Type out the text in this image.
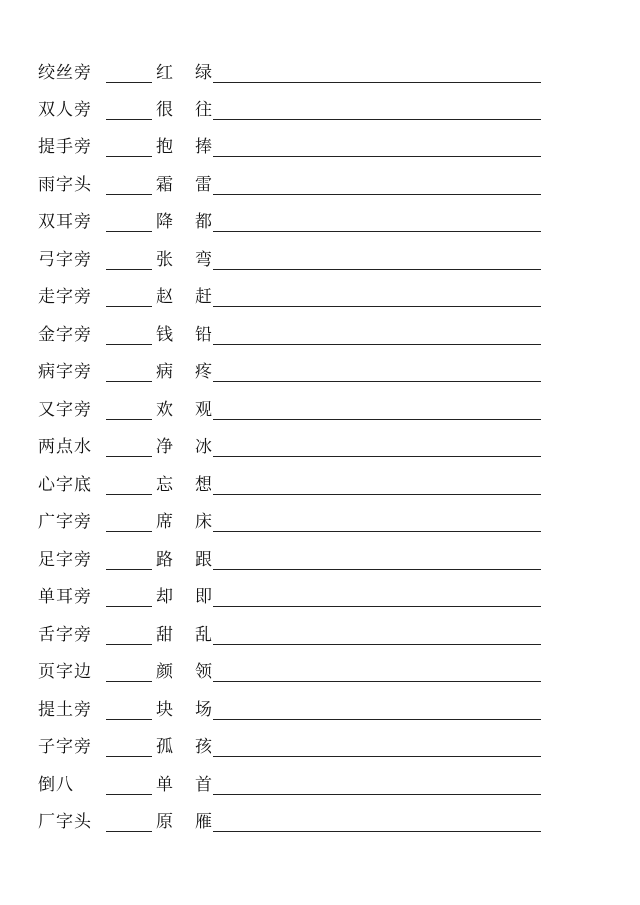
绞丝旁	红 绿
双人旁	很 往
提手旁	抱 捧
雨字头	霜 雷
双耳旁	降 都
弓字旁	张 弯
走字旁	赵 赶
金字旁	钱 铅
病字旁	病 疼
又字旁	欢 观
两点水	净 冰
心字底	忘 想
广字旁	席 床
足字旁	路 跟
单耳旁	却 即
舌字旁	甜 乱
页字边	颜 领
提土旁	块 场
子字旁	孤 孩
倒八	单 首
厂字头	原 雁
